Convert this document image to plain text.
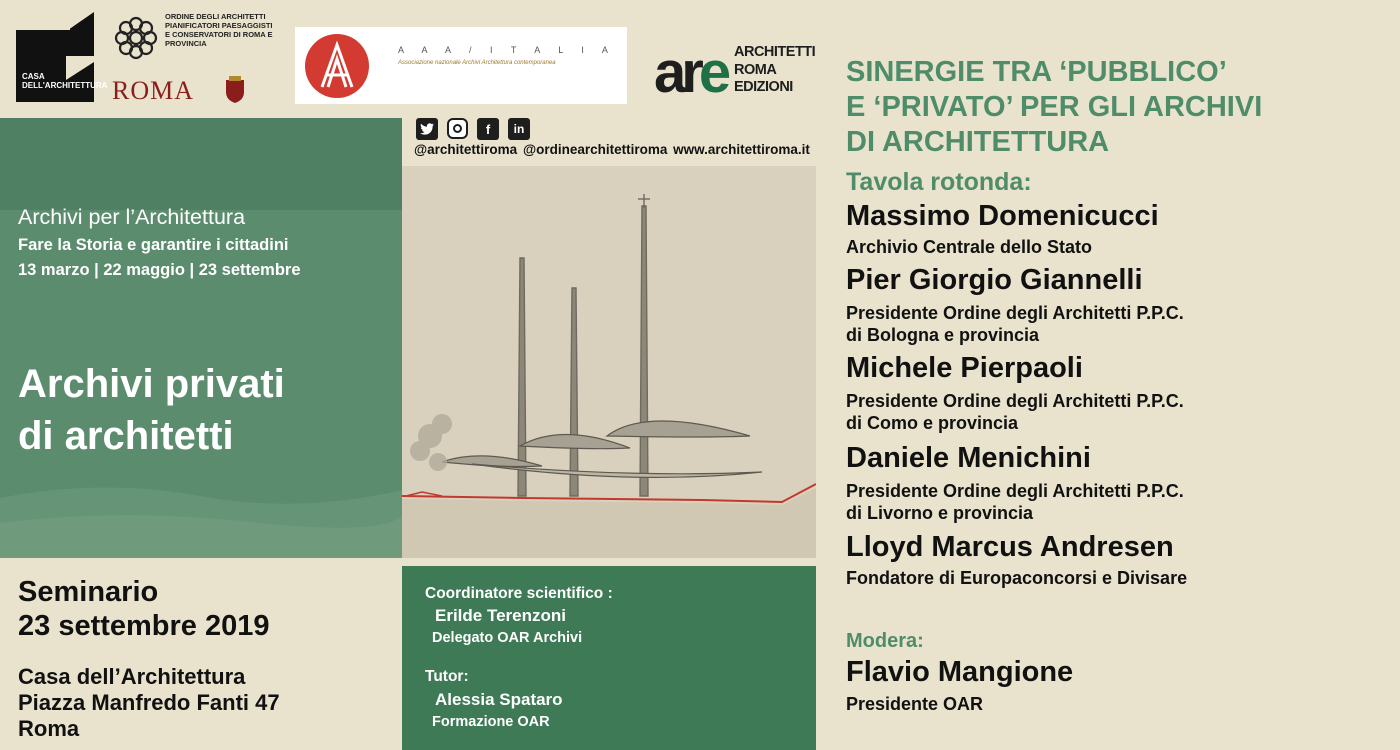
CASA DELL'ARCHITETTURA
ORDINE DEGLI ARCHITETTI PIANIFICATORI PAESAGGISTI E CONSERVATORI DI ROMA E PROVINCIA
ROMA
A A A / I T A L I A
Associazione nazionale Archivi Architettura contemporanea are ARCHITETTI
ROMA
EDIZIONI
f	in
@architettiroma @ordinearchitettiroma www.architettiroma.it
Archivi per l’Architettura
Fare la Storia e garantire i cittadini
13 marzo | 22 maggio | 23 settembre
Archivi privati
di architetti
Seminario
23 settembre 2019
Casa dell’Architettura
Piazza Manfredo Fanti 47
Roma
Coordinatore scientifico :
Erilde Terenzoni
Delegato OAR Archivi
Tutor:
Alessia Spataro
Formazione OAR
SINERGIE TRA ‘PUBBLICO’
E ‘PRIVATO’ PER GLI ARCHIVI
DI ARCHITETTURA
Tavola rotonda:
Massimo Domenicucci
Archivio Centrale dello Stato
Pier Giorgio Giannelli
Presidente Ordine degli Architetti P.P.C.
di Bologna e provincia
Michele Pierpaoli
Presidente Ordine degli Architetti P.P.C.
di Como e provincia
Daniele Menichini
Presidente Ordine degli Architetti P.P.C.
di Livorno e provincia
Lloyd Marcus Andresen
Fondatore di Europaconcorsi e Divisare
Modera:
Flavio Mangione
Presidente OAR
